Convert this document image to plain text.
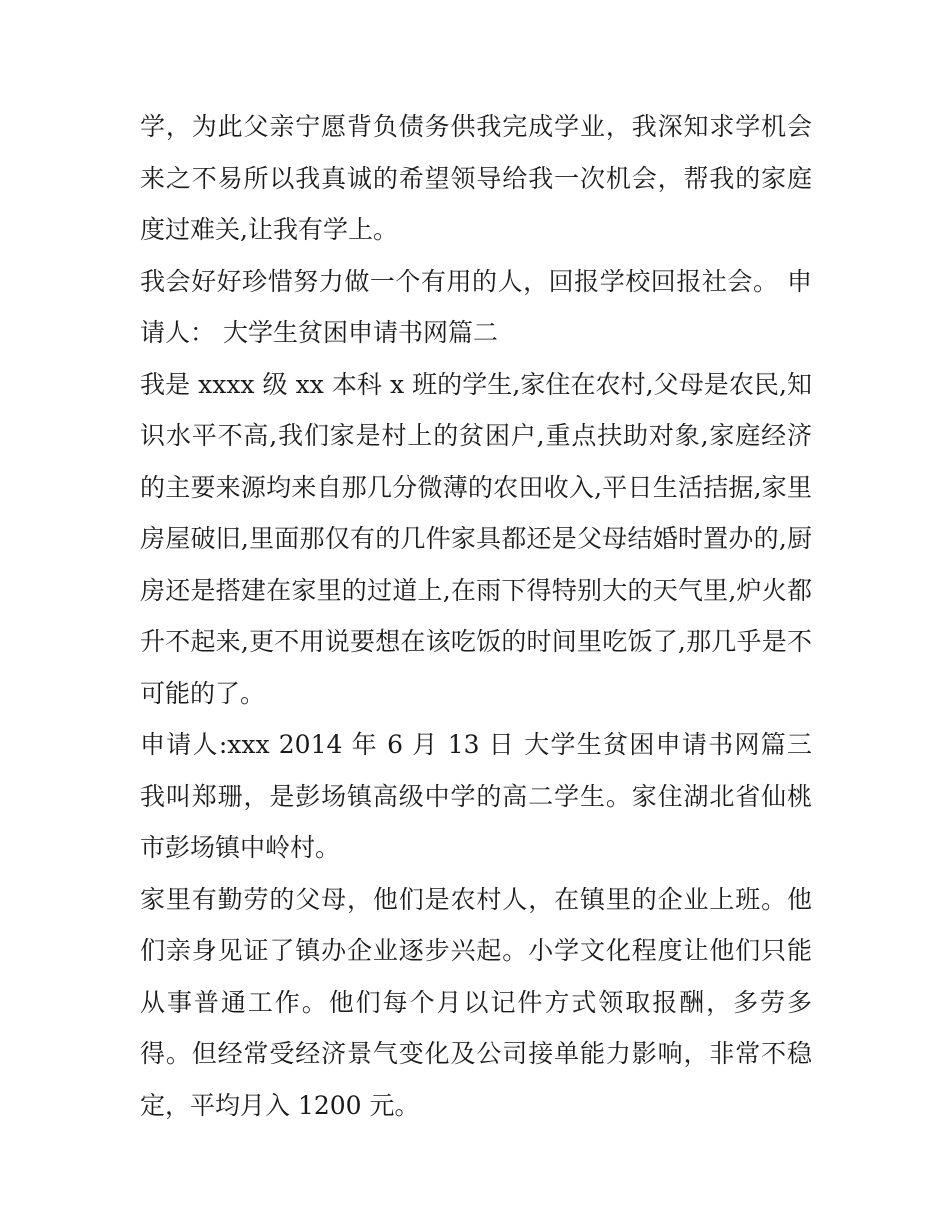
学，为此父亲宁愿背负债务供我完成学业，我深知求学机会来之不易所以我真诚的希望领导给我一次机会，帮我的家庭度过难关,让我有学上。

我会好好珍惜努力做一个有用的人，回报学校回报社会。 申请人： 大学生贫困申请书网篇二

我是 xxxx 级 xx 本科 x 班的学生,家住在农村,父母是农民,知识水平不高,我们家是村上的贫困户,重点扶助对象,家庭经济的主要来源均来自那几分微薄的农田收入,平日生活拮据,家里房屋破旧,里面那仅有的几件家具都还是父母结婚时置办的,厨房还是搭建在家里的过道上,在雨下得特别大的天气里,炉火都升不起来,更不用说要想在该吃饭的时间里吃饭了,那几乎是不可能的了。

申请人:xxx 2014 年 6 月 13 日 大学生贫困申请书网篇三 我叫郑珊，是彭场镇高级中学的高二学生。家住湖北省仙桃市彭场镇中岭村。

家里有勤劳的父母，他们是农村人，在镇里的企业上班。他们亲身见证了镇办企业逐步兴起。小学文化程度让他们只能从事普通工作。他们每个月以记件方式领取报酬，多劳多得。但经常受经济景气变化及公司接单能力影响，非常不稳定，平均月入 1200 元。
